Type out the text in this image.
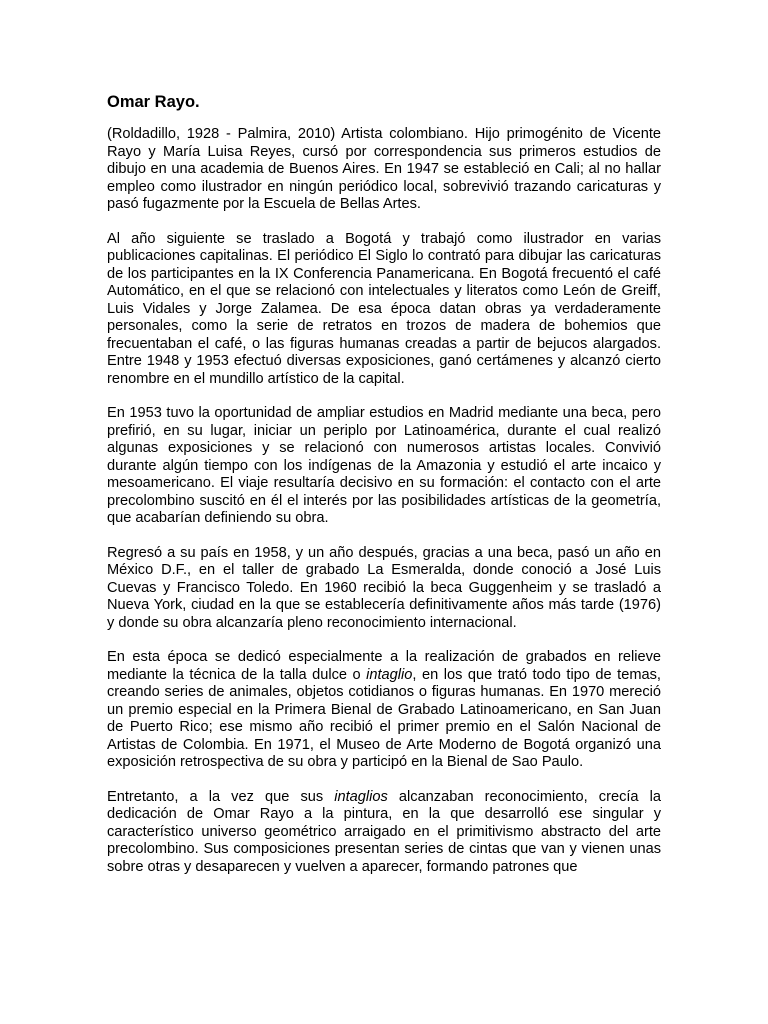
Omar Rayo.

(Roldadillo, 1928 - Palmira, 2010) Artista colombiano. Hijo primogénito de Vicente Rayo y María Luisa Reyes, cursó por correspondencia sus primeros estudios de dibujo en una academia de Buenos Aires. En 1947 se estableció en Cali; al no hallar empleo como ilustrador en ningún periódico local, sobrevivió trazando caricaturas y pasó fugazmente por la Escuela de Bellas Artes.

Al año siguiente se traslado a Bogotá y trabajó como ilustrador en varias publicaciones capitalinas. El periódico El Siglo lo contrató para dibujar las caricaturas de los participantes en la IX Conferencia Panamericana. En Bogotá frecuentó el café Automático, en el que se relacionó con intelectuales y literatos como León de Greiff, Luis Vidales y Jorge Zalamea. De esa época datan obras ya verdaderamente personales, como la serie de retratos en trozos de madera de bohemios que frecuentaban el café, o las figuras humanas creadas a partir de bejucos alargados. Entre 1948 y 1953 efectuó diversas exposiciones, ganó certámenes y alcanzó cierto renombre en el mundillo artístico de la capital.

En 1953 tuvo la oportunidad de ampliar estudios en Madrid mediante una beca, pero prefirió, en su lugar, iniciar un periplo por Latinoamérica, durante el cual realizó algunas exposiciones y se relacionó con numerosos artistas locales. Convivió durante algún tiempo con los indígenas de la Amazonia y estudió el arte incaico y mesoamericano. El viaje resultaría decisivo en su formación: el contacto con el arte precolombino suscitó en él el interés por las posibilidades artísticas de la geometría, que acabarían definiendo su obra.

Regresó a su país en 1958, y un año después, gracias a una beca, pasó un año en México D.F., en el taller de grabado La Esmeralda, donde conoció a José Luis Cuevas y Francisco Toledo. En 1960 recibió la beca Guggenheim y se trasladó a Nueva York, ciudad en la que se establecería definitivamente años más tarde (1976) y donde su obra alcanzaría pleno reconocimiento internacional.

En esta época se dedicó especialmente a la realización de grabados en relieve mediante la técnica de la talla dulce o intaglio, en los que trató todo tipo de temas, creando series de animales, objetos cotidianos o figuras humanas. En 1970 mereció un premio especial en la Primera Bienal de Grabado Latinoamericano, en San Juan de Puerto Rico; ese mismo año recibió el primer premio en el Salón Nacional de Artistas de Colombia. En 1971, el Museo de Arte Moderno de Bogotá organizó una exposición retrospectiva de su obra y participó en la Bienal de Sao Paulo.

Entretanto, a la vez que sus intaglios alcanzaban reconocimiento, crecía la dedicación de Omar Rayo a la pintura, en la que desarrolló ese singular y característico universo geométrico arraigado en el primitivismo abstracto del arte precolombino. Sus composiciones presentan series de cintas que van y vienen unas sobre otras y desaparecen y vuelven a aparecer, formando patrones que
